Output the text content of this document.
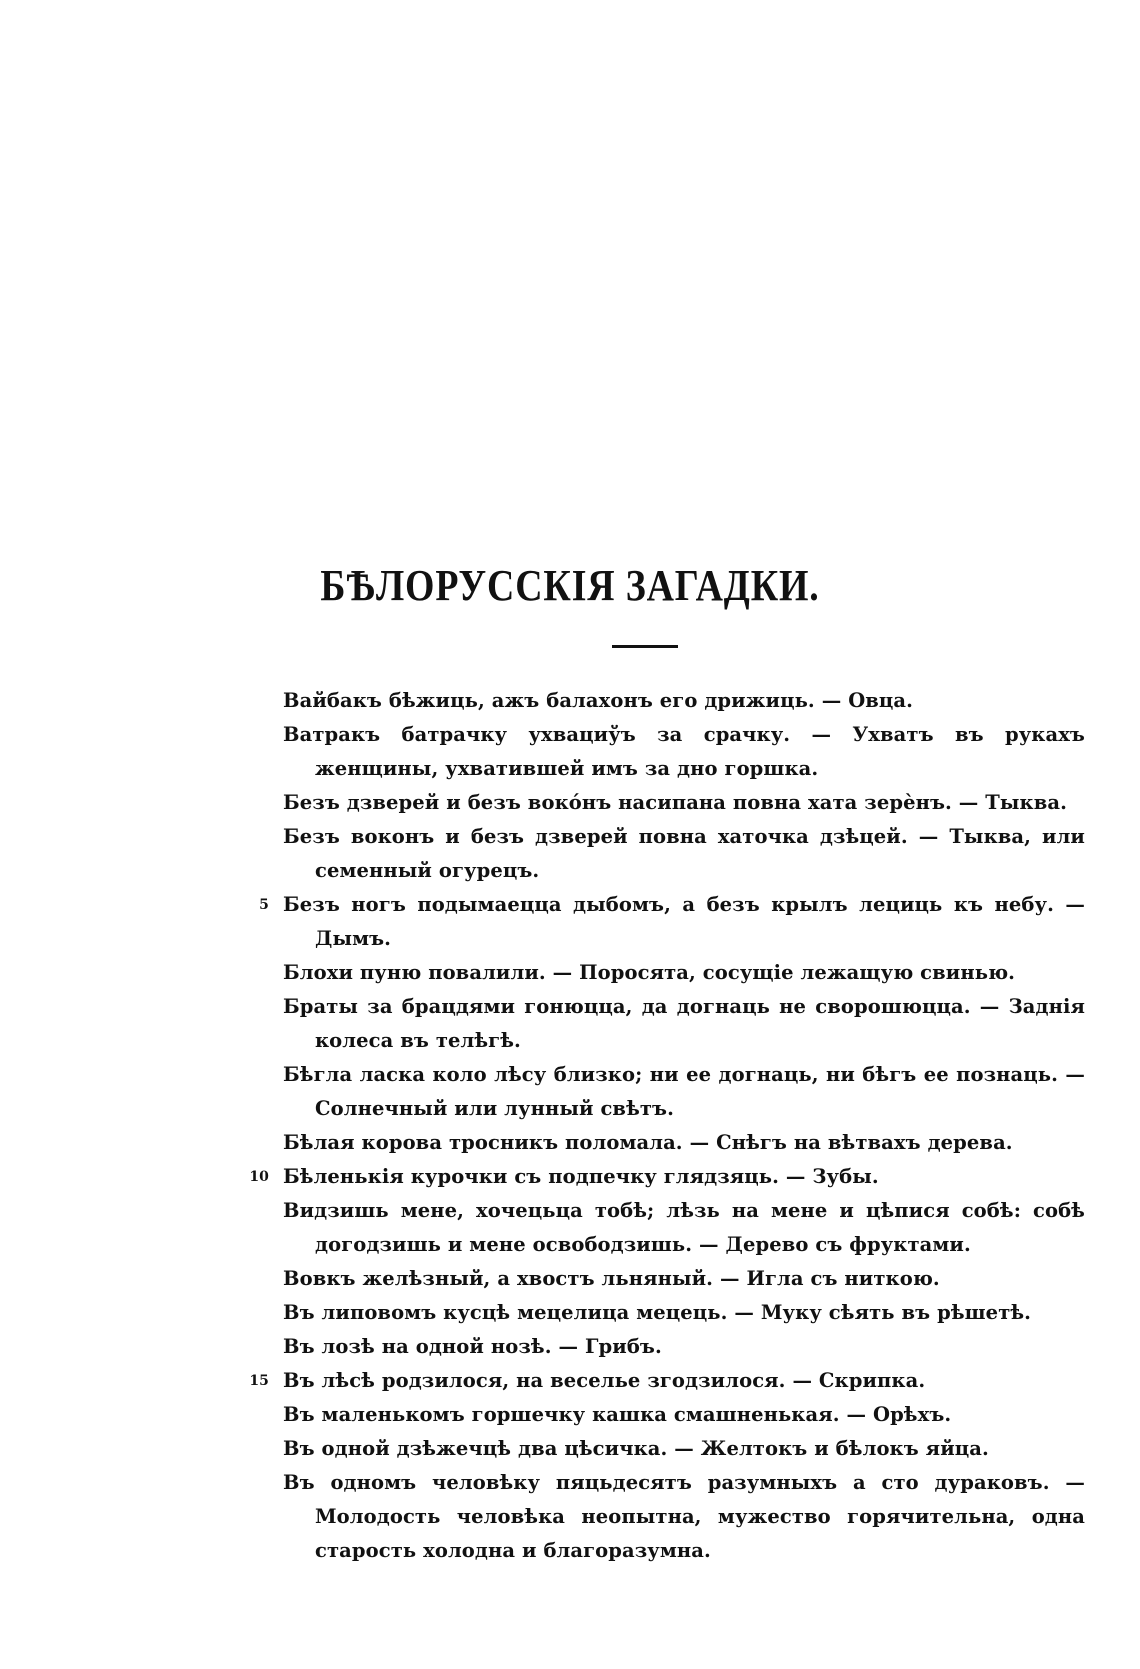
БѢЛОРУССКІЯ ЗАГАДКИ.
Вайбакъ бѣжиць, ажъ балахонъ его дрижиць. — Овца.
Ватракъ батрачку ухвациўъ за срачку. — Ухватъ въ рукахъ женщины, ухватившей имъ за дно горшка.
Безъ дзверей и безъ вокóнъ насипана повна хата зерѐнъ. — Тыква.
Безъ воконъ и безъ дзверей повна хаточка дзѣцей. — Тыква, или семенный огурецъ.
5 Безъ ногъ подымаецца дыбомъ, а безъ крылъ лециць къ небу. — Дымъ.
Блохи пуню повалили. — Поросята, сосущіе лежащую свинью.
Браты за брацдями гонюцца, да догнаць не сворошюцца. — Заднія колеса въ телѣгѣ.
Бѣгла ласка коло лѣсу близко; ни ее догнаць, ни бѣгъ ее познаць. — Солнечный или лунный свѣтъ.
Бѣлая корова тросникъ поломала. — Снѣгъ на вѣтвахъ дерева.
10 Бѣленькія курочки съ подпечку глядзяць. — Зубы.
Видзишь мене, хочецьца тобѣ; лѣзь на мене и цѣпися собѣ: собѣ догодзишь и мене освободзишь. — Дерево съ фруктами.
Вовкъ желѣзный, а хвостъ льняный. — Игла съ ниткою.
Въ липовомъ кусцѣ мецелица мецець. — Муку сѣять въ рѣшетѣ.
Въ лозѣ на одной нозѣ. — Грибъ.
15 Въ лѣсѣ родзилося, на веселье згодзилося. — Скрипка.
Въ маленькомъ горшечку кашка смашненькая. — Орѣхъ.
Въ одной дзѣжечцѣ два цѣсичка. — Желтокъ и бѣлокъ яйца.
Въ одномъ человѣку пяцьдесятъ разумныхъ а сто дураковъ. — Молодость человѣка неопытна, мужество горячительна, одна старость холодна и благоразумна.
